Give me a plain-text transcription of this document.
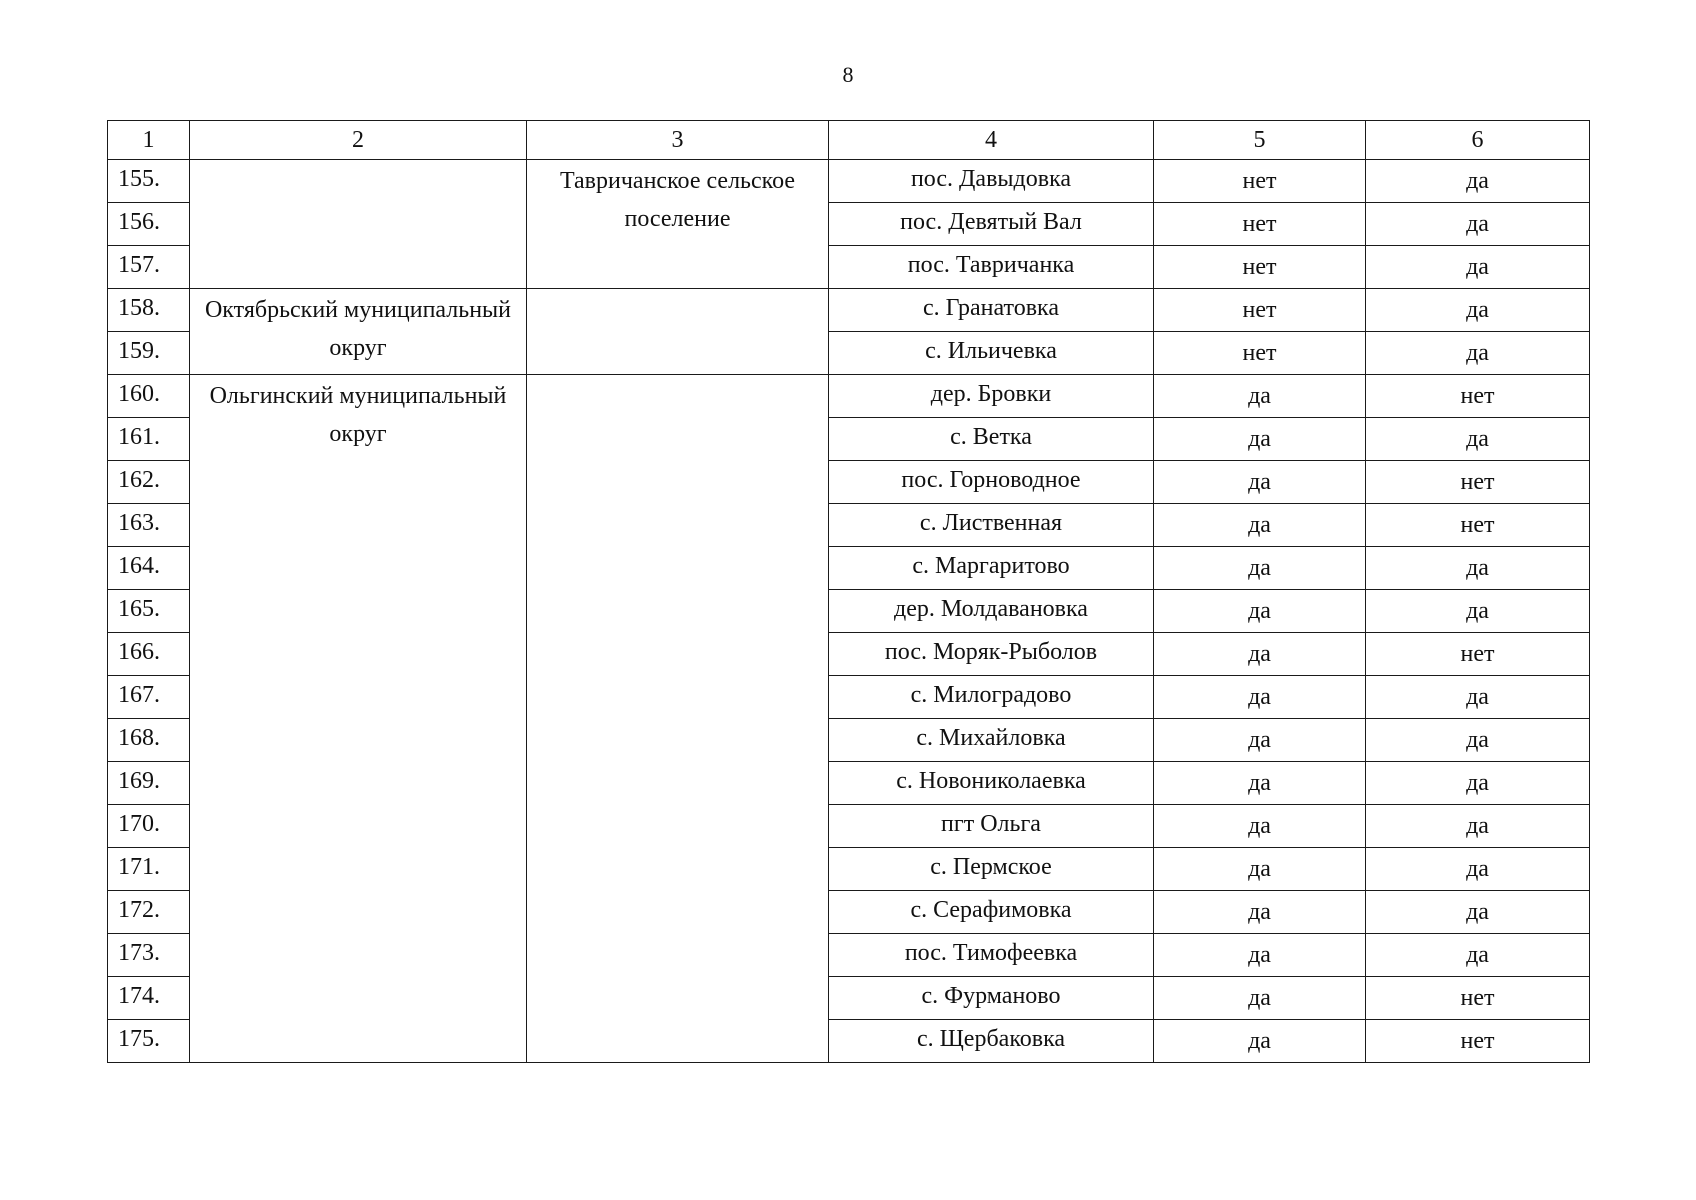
8
1	2	3	4	5	6
155.		Тавричанское сельское поселение	пос. Давыдовка	нет	да
156.			пос. Девятый Вал	нет	да
157.			пос. Тавричанка	нет	да
158.	Октябрьский муниципальный округ		с. Гранатовка	нет	да
159.			с. Ильичевка	нет	да
160.	Ольгинский муниципальный округ		дер. Бровки	да	нет
161.			с. Ветка	да	да
162.			пос. Горноводное	да	нет
163.			с. Лиственная	да	нет
164.			с. Маргаритово	да	да
165.			дер. Молдавановка	да	да
166.			пос. Моряк-Рыболов	да	нет
167.			с. Милоградово	да	да
168.			с. Михайловка	да	да
169.			с. Новониколаевка	да	да
170.			пгт Ольга	да	да
171.			с. Пермское	да	да
172.			с. Серафимовка	да	да
173.			пос. Тимофеевка	да	да
174.			с. Фурманово	да	нет
175.			с. Щербаковка	да	нет
